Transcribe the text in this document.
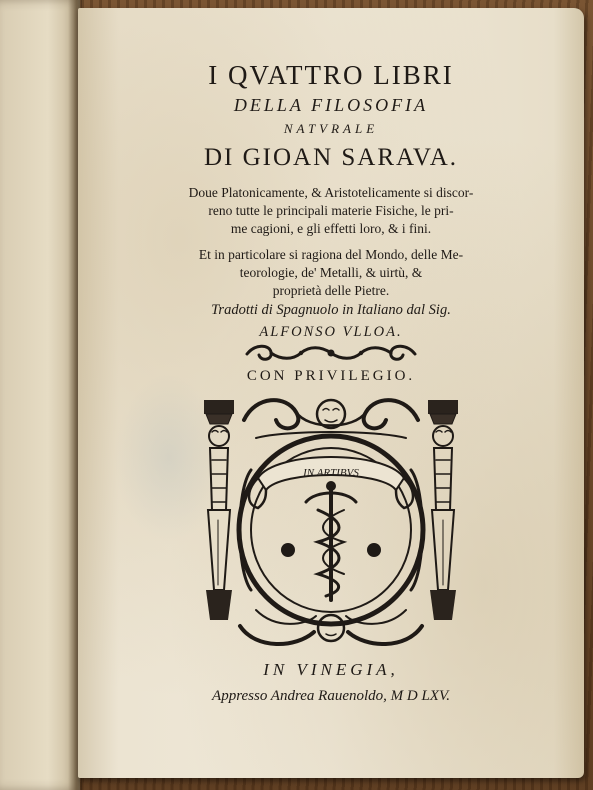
I QVATTRO LIBRI
DELLA FILOSOFIA
NATVRALE
DI GIOAN SARAVA.
Doue Platonicamente, & Aristotelicamente si discor-
reno tutte le principali materie Fisiche, le pri-
me cagioni, e gli effetti loro, & i fini.
Et in particolare si ragiona del Mondo, delle Me-
teorologie, de' Metalli, & uirtù, &
proprietà delle Pietre.
Tradotti di Spagnuolo in Italiano dal Sig.
ALFONSO VLLOA.
CON PRIVILEGIO.
IN ARTIBVS
IN VINEGIA,
Appresso Andrea Rauenoldo, M D LXV.
